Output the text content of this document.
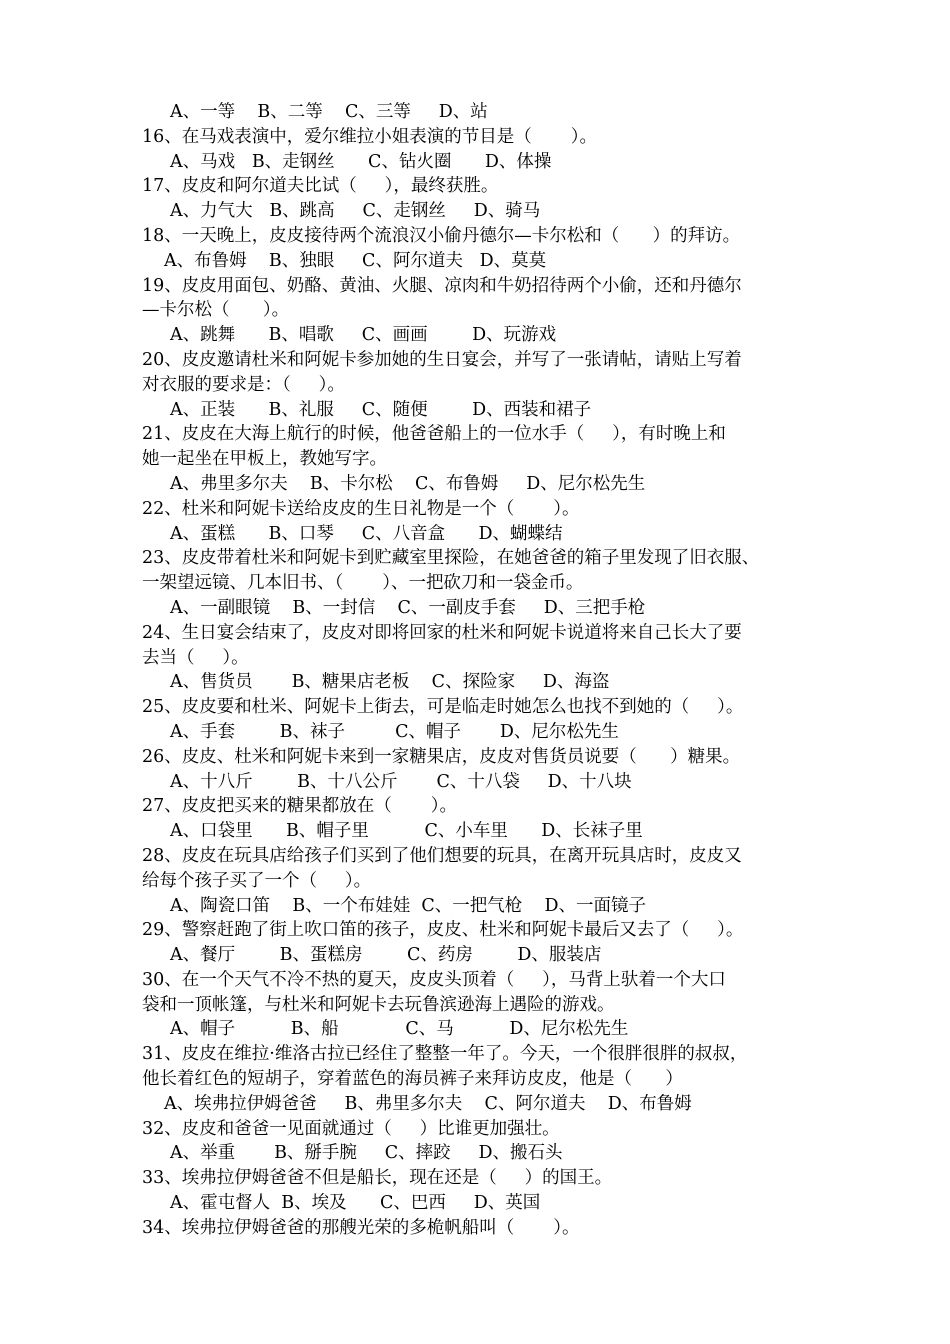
A、一等    B、二等    C、三等     D、站
16、在马戏表演中，爱尔维拉小姐表演的节目是（       ）。
A、马戏   B、走钢丝      C、钻火圈      D、体操
17、皮皮和阿尔道夫比试（     ），最终获胜。
A、力气大   B、跳高     C、走钢丝     D、骑马
18、一天晚上，皮皮接待两个流浪汉小偷丹德尔—卡尔松和（      ）的拜访。
A、布鲁姆    B、独眼     C、阿尔道夫   D、莫莫
19、皮皮用面包、奶酪、黄油、火腿、凉肉和牛奶招待两个小偷，还和丹德尔
—卡尔松（      ）。
A、跳舞      B、唱歌     C、画画        D、玩游戏
20、皮皮邀请杜米和阿妮卡参加她的生日宴会，并写了一张请帖，请贴上写着
对衣服的要求是：（     ）。
A、正装      B、礼服     C、随便        D、西装和裙子
21、皮皮在大海上航行的时候，他爸爸船上的一位水手（     ），有时晚上和
她一起坐在甲板上，教她写字。
A、弗里多尔夫    B、卡尔松    C、布鲁姆     D、尼尔松先生
22、杜米和阿妮卡送给皮皮的生日礼物是一个（       ）。
A、蛋糕      B、口琴     C、八音盒      D、蝴蝶结
23、皮皮带着杜米和阿妮卡到贮藏室里探险，在她爸爸的箱子里发现了旧衣服、
一架望远镜、几本旧书、（       ）、一把砍刀和一袋金币。
A、一副眼镜    B、一封信    C、一副皮手套     D、三把手枪
24、生日宴会结束了，皮皮对即将回家的杜米和阿妮卡说道将来自己长大了要
去当（     ）。
A、售货员       B、糖果店老板    C、探险家     D、海盗
25、皮皮要和杜米、阿妮卡上街去，可是临走时她怎么也找不到她的（     ）。
A、手套        B、袜子         C、帽子       D、尼尔松先生
26、皮皮、杜米和阿妮卡来到一家糖果店，皮皮对售货员说要（      ）糖果。
A、十八斤        B、十八公斤       C、十八袋     D、十八块
27、皮皮把买来的糖果都放在（       ）。
A、口袋里      B、帽子里          C、小车里      D、长袜子里
28、皮皮在玩具店给孩子们买到了他们想要的玩具，在离开玩具店时，皮皮又
给每个孩子买了一个（     ）。
A、陶瓷口笛    B、一个布娃娃  C、一把气枪    D、一面镜子
29、警察赶跑了街上吹口笛的孩子，皮皮、杜米和阿妮卡最后又去了（     ）。
A、餐厅        B、蛋糕房        C、药房        D、服装店
30、在一个天气不冷不热的夏天，皮皮头顶着（     ），马背上驮着一个大口
袋和一顶帐篷，与杜米和阿妮卡去玩鲁滨逊海上遇险的游戏。
A、帽子          B、船            C、马          D、尼尔松先生
31、皮皮在维拉·维洛古拉已经住了整整一年了。今天，一个很胖很胖的叔叔，
他长着红色的短胡子，穿着蓝色的海员裤子来拜访皮皮，他是（      ）
A、埃弗拉伊姆爸爸     B、弗里多尔夫    C、阿尔道夫    D、布鲁姆
32、皮皮和爸爸一见面就通过（     ）比谁更加强壮。
A、举重       B、掰手腕     C、摔跤     D、搬石头
33、埃弗拉伊姆爸爸不但是船长，现在还是（     ）的国王。
A、霍屯督人  B、埃及      C、巴西     D、英国
34、埃弗拉伊姆爸爸的那艘光荣的多桅帆船叫（       ）。
